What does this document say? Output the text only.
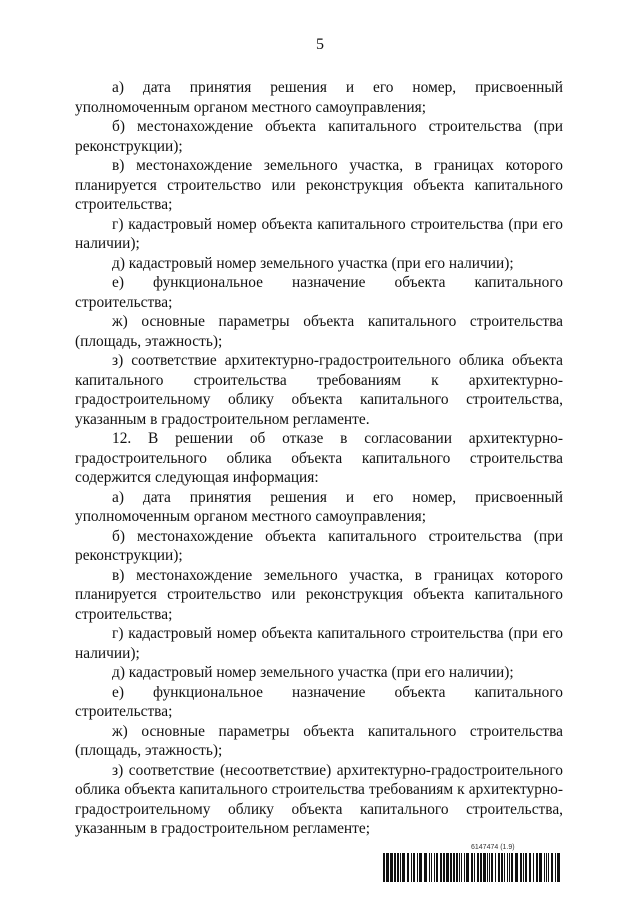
5

а) дата принятия решения и его номер, присвоенный уполномоченным органом местного самоуправления;

б) местонахождение объекта капитального строительства (при реконструкции);

в) местонахождение земельного участка, в границах которого планируется строительство или реконструкция объекта капитального строительства;

г) кадастровый номер объекта капитального строительства (при его наличии);

д) кадастровый номер земельного участка (при его наличии);

е) функциональное назначение объекта капитального строительства;

ж) основные параметры объекта капитального строительства (площадь, этажность);

з) соответствие архитектурно-градостроительного облика объекта капитального строительства требованиям к архитектурно-градостроительному облику объекта капитального строительства, указанным в градостроительном регламенте.

12. В решении об отказе в согласовании архитектурно-градостроительного облика объекта капитального строительства содержится следующая информация:

а) дата принятия решения и его номер, присвоенный уполномоченным органом местного самоуправления;

б) местонахождение объекта капитального строительства (при реконструкции);

в) местонахождение земельного участка, в границах которого планируется строительство или реконструкция объекта капитального строительства;

г) кадастровый номер объекта капитального строительства (при его наличии);

д) кадастровый номер земельного участка (при его наличии);

е) функциональное назначение объекта капитального строительства;

ж) основные параметры объекта капитального строительства (площадь, этажность);

з) соответствие (несоответствие) архитектурно-градостроительного облика объекта капитального строительства требованиям к архитектурно-градостроительному облику объекта капитального строительства, указанным в градостроительном регламенте;

6147474 (1.9)
